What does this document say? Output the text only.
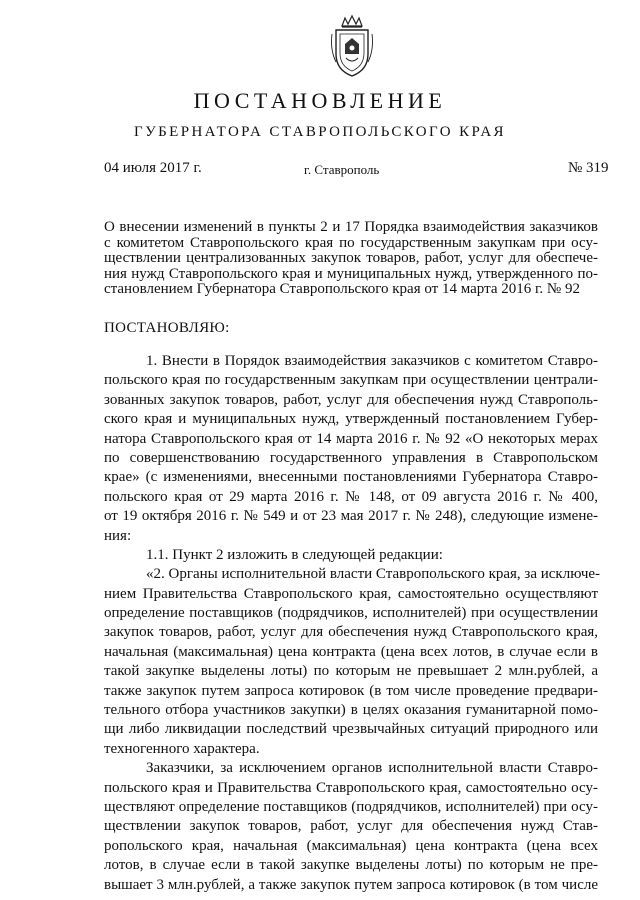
ПОСТАНОВЛЕНИЕ
ГУБЕРНАТОРА СТАВРОПОЛЬСКОГО КРАЯ
04 июля 2017 г.	г. Ставрополь	№ 319
О внесении изменений в пункты 2 и 17 Порядка взаимодействия заказчиков
с комитетом Ставропольского края по государственным закупкам при осу-
ществлении централизованных закупок товаров, работ, услуг для обеспече-
ния нужд Ставропольского края и муниципальных нужд, утвержденного по-
становлением Губернатора Ставропольского края от 14 марта 2016 г. № 92
ПОСТАНОВЛЯЮ:
1. Внести в Порядок взаимодействия заказчиков с комитетом Ставро-
польского края по государственным закупкам при осуществлении централи-
зованных закупок товаров, работ, услуг для обеспечения нужд Ставрополь-
ского края и муниципальных нужд, утвержденный постановлением Губер-
натора Ставропольского края от 14 марта 2016 г. № 92 «О некоторых мерах
по совершенствованию государственного управления в Ставропольском
крае» (с изменениями, внесенными постановлениями Губернатора Ставро-
польского края от 29 марта 2016 г. № 148, от 09 августа 2016 г. № 400,
от 19 октября 2016 г. № 549 и от 23 мая 2017 г. № 248), следующие измене-
ния:
1.1. Пункт 2 изложить в следующей редакции:
«2. Органы исполнительной власти Ставропольского края, за исключе-
нием Правительства Ставропольского края, самостоятельно осуществляют
определение поставщиков (подрядчиков, исполнителей) при осуществлении
закупок товаров, работ, услуг для обеспечения нужд Ставропольского края,
начальная (максимальная) цена контракта (цена всех лотов, в случае если в
такой закупке выделены лоты) по которым не превышает 2 млн.рублей, а
также закупок путем запроса котировок (в том числе проведение предвари-
тельного отбора участников закупки) в целях оказания гуманитарной помо-
щи либо ликвидации последствий чрезвычайных ситуаций природного или
техногенного характера.
Заказчики, за исключением органов исполнительной власти Ставро-
польского края и Правительства Ставропольского края, самостоятельно осу-
ществляют определение поставщиков (подрядчиков, исполнителей) при осу-
ществлении закупок товаров, работ, услуг для обеспечения нужд Став-
ропольского края, начальная (максимальная) цена контракта (цена всех
лотов, в случае если в такой закупке выделены лоты) по которым не пре-
вышает 3 млн.рублей, а также закупок путем запроса котировок (в том числе
